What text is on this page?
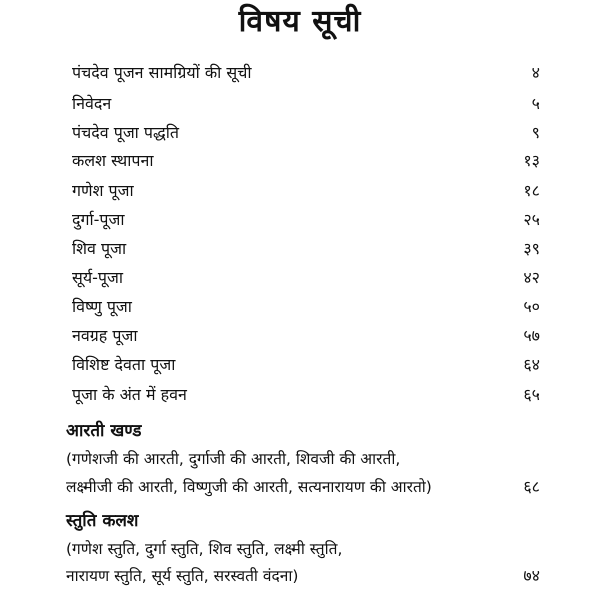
विषय सूची
पंचदेव पूजन सामग्रियों की सूची	४
निवेदन	५
पंचदेव पूजा पद्धति	९
कलश स्थापना	१३
गणेश पूजा	१८
दुर्गा-पूजा	२५
शिव पूजा	३९
सूर्य-पूजा	४२
विष्णु पूजा	५०
नवग्रह पूजा	५७
विशिष्ट देवता पूजा	६४
पूजा के अंत में हवन	६५
आरती खण्ड
(गणेशजी की आरती, दुर्गाजी की आरती, शिवजी की आरती,
लक्ष्मीजी की आरती, विष्णुजी की आरती, सत्यनारायण की आरतो)	६८
स्तुति कलश
(गणेश स्तुति, दुर्गा स्तुति, शिव स्तुति, लक्ष्मी स्तुति,
नारायण स्तुति, सूर्य स्तुति, सरस्वती वंदना)	७४
